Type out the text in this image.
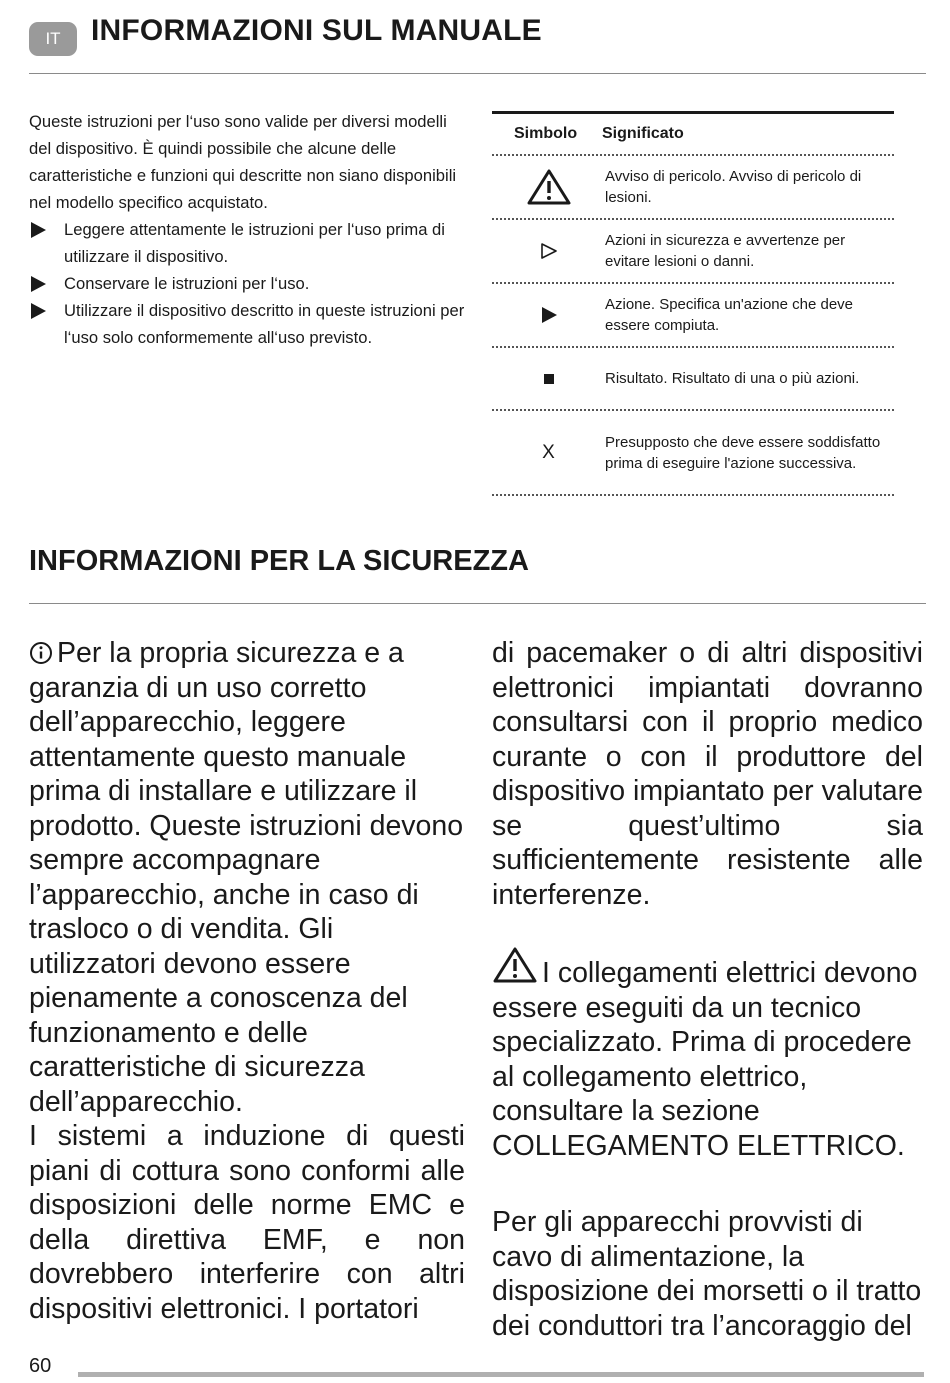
IT	INFORMAZIONI SUL MANUALE

Queste istruzioni per l‘uso sono valide per diversi modelli del dispositivo. È quindi possibile che alcune delle caratteristiche e funzioni qui descritte non siano disponibili nel modello specifico acquistato.

Leggere attentamente le istruzioni per l‘uso prima di utilizzare il dispositivo.
Conservare le istruzioni per l‘uso.
Utilizzare il dispositivo descritto in queste istruzioni per l‘uso solo conformemente all‘uso previsto.
Simbolo	Significato
Avviso di pericolo. Avviso di pericolo di lesioni.
Azioni in sicurezza e avvertenze per evitare lesioni o danni.
Azione. Specifica un'azione che deve essere compiuta.
Risultato. Risultato di una o più azioni.
X	Presupposto che deve essere soddisfatto prima di eseguire l'azione successiva.
INFORMAZIONI PER LA SICUREZZA

Per la propria sicurezza e a garanzia di un uso corretto dell’apparecchio, leggere attentamente questo manuale prima di installare e utilizzare il prodotto. Queste istruzioni devono sempre accompagnare l’apparecchio, anche in caso di trasloco o di vendita. Gli utilizzatori devono essere pienamente a conoscenza del funzionamento e delle caratteristiche di sicurezza dell’apparecchio.

I sistemi a induzione di questi piani di cottura sono conformi alle disposizioni delle norme EMC e della direttiva EMF, e non dovrebbero interferire con altri dispositivi elettronici. I portatori

di pacemaker o di altri dispositivi elettronici impiantati dovranno consultarsi con il proprio medico curante o con il produttore del dispositivo impiantato per valutare se quest’ultimo sia sufficientemente resistente alle interferenze.

I collegamenti elettrici devono essere eseguiti da un tecnico specializzato. Prima di procedere al collegamento elettrico, consultare la sezione COLLEGAMENTO ELETTRICO.

Per gli apparecchi provvisti di cavo di alimentazione, la disposizione dei morsetti o il tratto dei conduttori tra l’ancoraggio del

60
